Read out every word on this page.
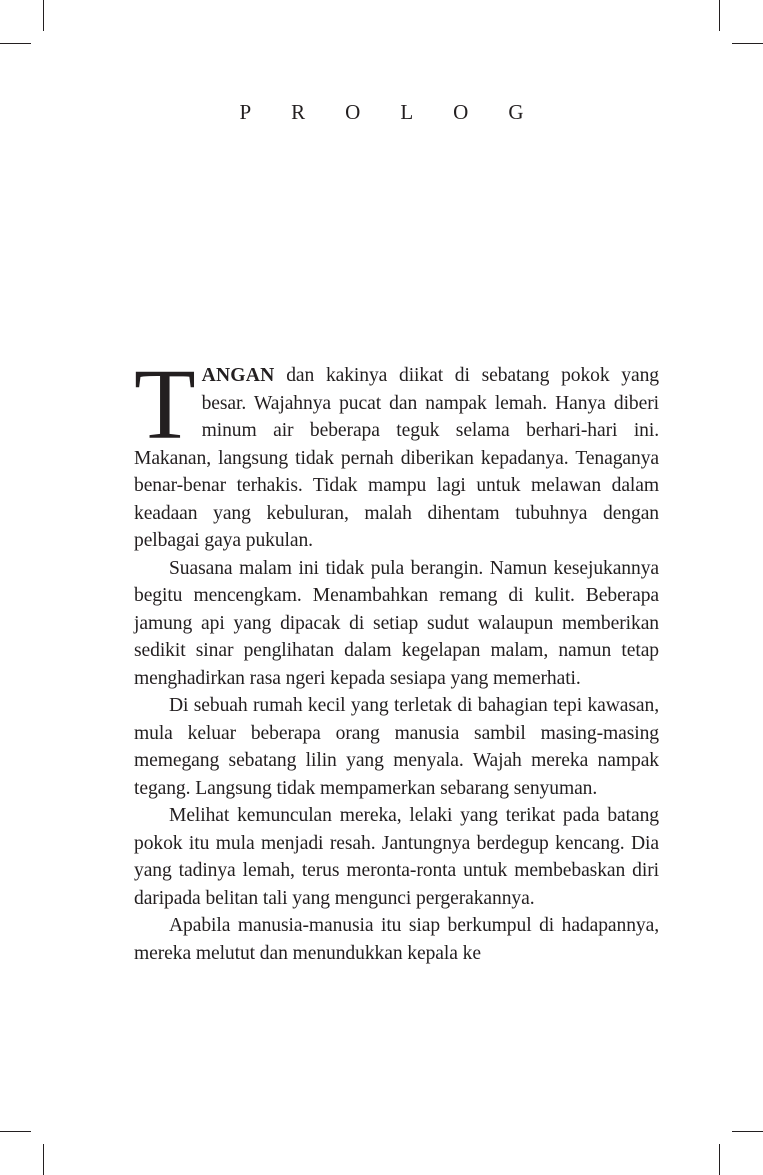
PROLOG

TANGAN dan kakinya diikat di sebatang pokok yang besar. Wajahnya pucat dan nampak lemah. Hanya diberi minum air beberapa teguk selama berhari-hari ini. Makanan, langsung tidak pernah diberikan kepadanya. Tenaganya benar-benar terhakis. Tidak mampu lagi untuk melawan dalam keadaan yang kebuluran, malah dihentam tubuhnya dengan pelbagai gaya pukulan.

Suasana malam ini tidak pula berangin. Namun kesejukannya begitu mencengkam. Menambahkan remang di kulit. Beberapa jamung api yang dipacak di setiap sudut walaupun memberikan sedikit sinar penglihatan dalam kegelapan malam, namun tetap menghadirkan rasa ngeri kepada sesiapa yang memerhati.

Di sebuah rumah kecil yang terletak di bahagian tepi kawasan, mula keluar beberapa orang manusia sambil masing-masing memegang sebatang lilin yang menyala. Wajah mereka nampak tegang. Langsung tidak mempamerkan sebarang senyuman.

Melihat kemunculan mereka, lelaki yang terikat pada batang pokok itu mula menjadi resah. Jantungnya berdegup kencang. Dia yang tadinya lemah, terus meronta-ronta untuk membebaskan diri daripada belitan tali yang mengunci pergerakannya.

Apabila manusia-manusia itu siap berkumpul di hadapannya, mereka melutut dan menundukkan kepala ke
